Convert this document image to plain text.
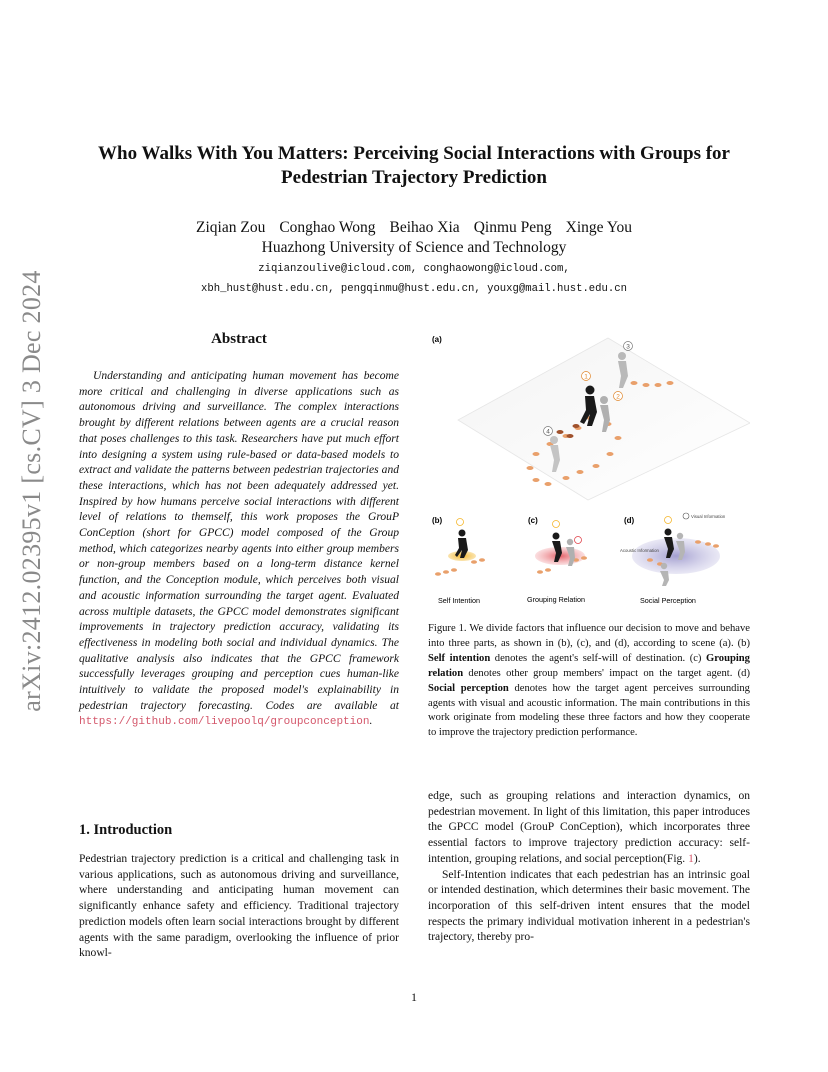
arXiv:2412.02395v1 [cs.CV] 3 Dec 2024
Who Walks With You Matters: Perceiving Social Interactions with Groups for Pedestrian Trajectory Prediction
Ziqian Zou Conghao Wong Beihao Xia Qinmu Peng Xinge You
Huazhong University of Science and Technology
ziqianzoulive@icloud.com, conghaowong@icloud.com,
xbh_hust@hust.edu.cn, pengqinmu@hust.edu.cn, youxg@mail.hust.edu.cn
Abstract
Understanding and anticipating human movement has become more critical and challenging in diverse applications such as autonomous driving and surveillance. The complex interactions brought by different relations between agents are a crucial reason that poses challenges to this task. Researchers have put much effort into designing a system using rule-based or data-based models to extract and validate the patterns between pedestrian trajectories and these interactions, which has not been adequately addressed yet. Inspired by how humans perceive social interactions with different level of relations to themself, this work proposes the GrouP ConCeption (short for GPCC) model composed of the Group method, which categorizes nearby agents into either group members or non-group members based on a long-term distance kernel function, and the Conception module, which perceives both visual and acoustic information surrounding the target agent. Evaluated across multiple datasets, the GPCC model demonstrates significant improvements in trajectory prediction accuracy, validating its effectiveness in modeling both social and individual dynamics. The qualitative analysis also indicates that the GPCC framework successfully leverages grouping and perception cues human-like intuitively to validate the proposed model's explainability in pedestrian trajectory forecasting. Codes are available at https://github.com/livepoolq/groupconception.
1. Introduction
Pedestrian trajectory prediction is a critical and challenging task in various applications, such as autonomous driving and surveillance, where understanding and anticipating human movement can significantly enhance safety and efficiency. Traditional trajectory prediction models often learn social interactions brought by different agents with the same paradigm, overlooking the influence of prior knowl-
(a)
3
1
2
4
(b)
Self Intention
(c)
Grouping Relation
(d)	Visual Information
Acoustic Information
Social Perception
Figure 1. We divide factors that influence our decision to move and behave into three parts, as shown in (b), (c), and (d), according to scene (a). (b) Self intention denotes the agent's self-will of destination. (c) Grouping relation denotes other group members' impact on the target agent. (d) Social perception denotes how the target agent perceives surrounding agents with visual and acoustic information. The main contributions in this work originate from modeling these three factors and how they cooperate to improve the trajectory prediction performance.

edge, such as grouping relations and interaction dynamics, on pedestrian movement. In light of this limitation, this paper introduces the GPCC model (GrouP ConCeption), which incorporates three essential factors to improve trajectory prediction accuracy: self-intention, grouping relations, and social perception(Fig. 1).

Self-Intention indicates that each pedestrian has an intrinsic goal or intended destination, which determines their basic movement. The incorporation of this self-driven intent ensures that the model respects the primary individual motivation inherent in a pedestrian's trajectory, thereby pro-

1
